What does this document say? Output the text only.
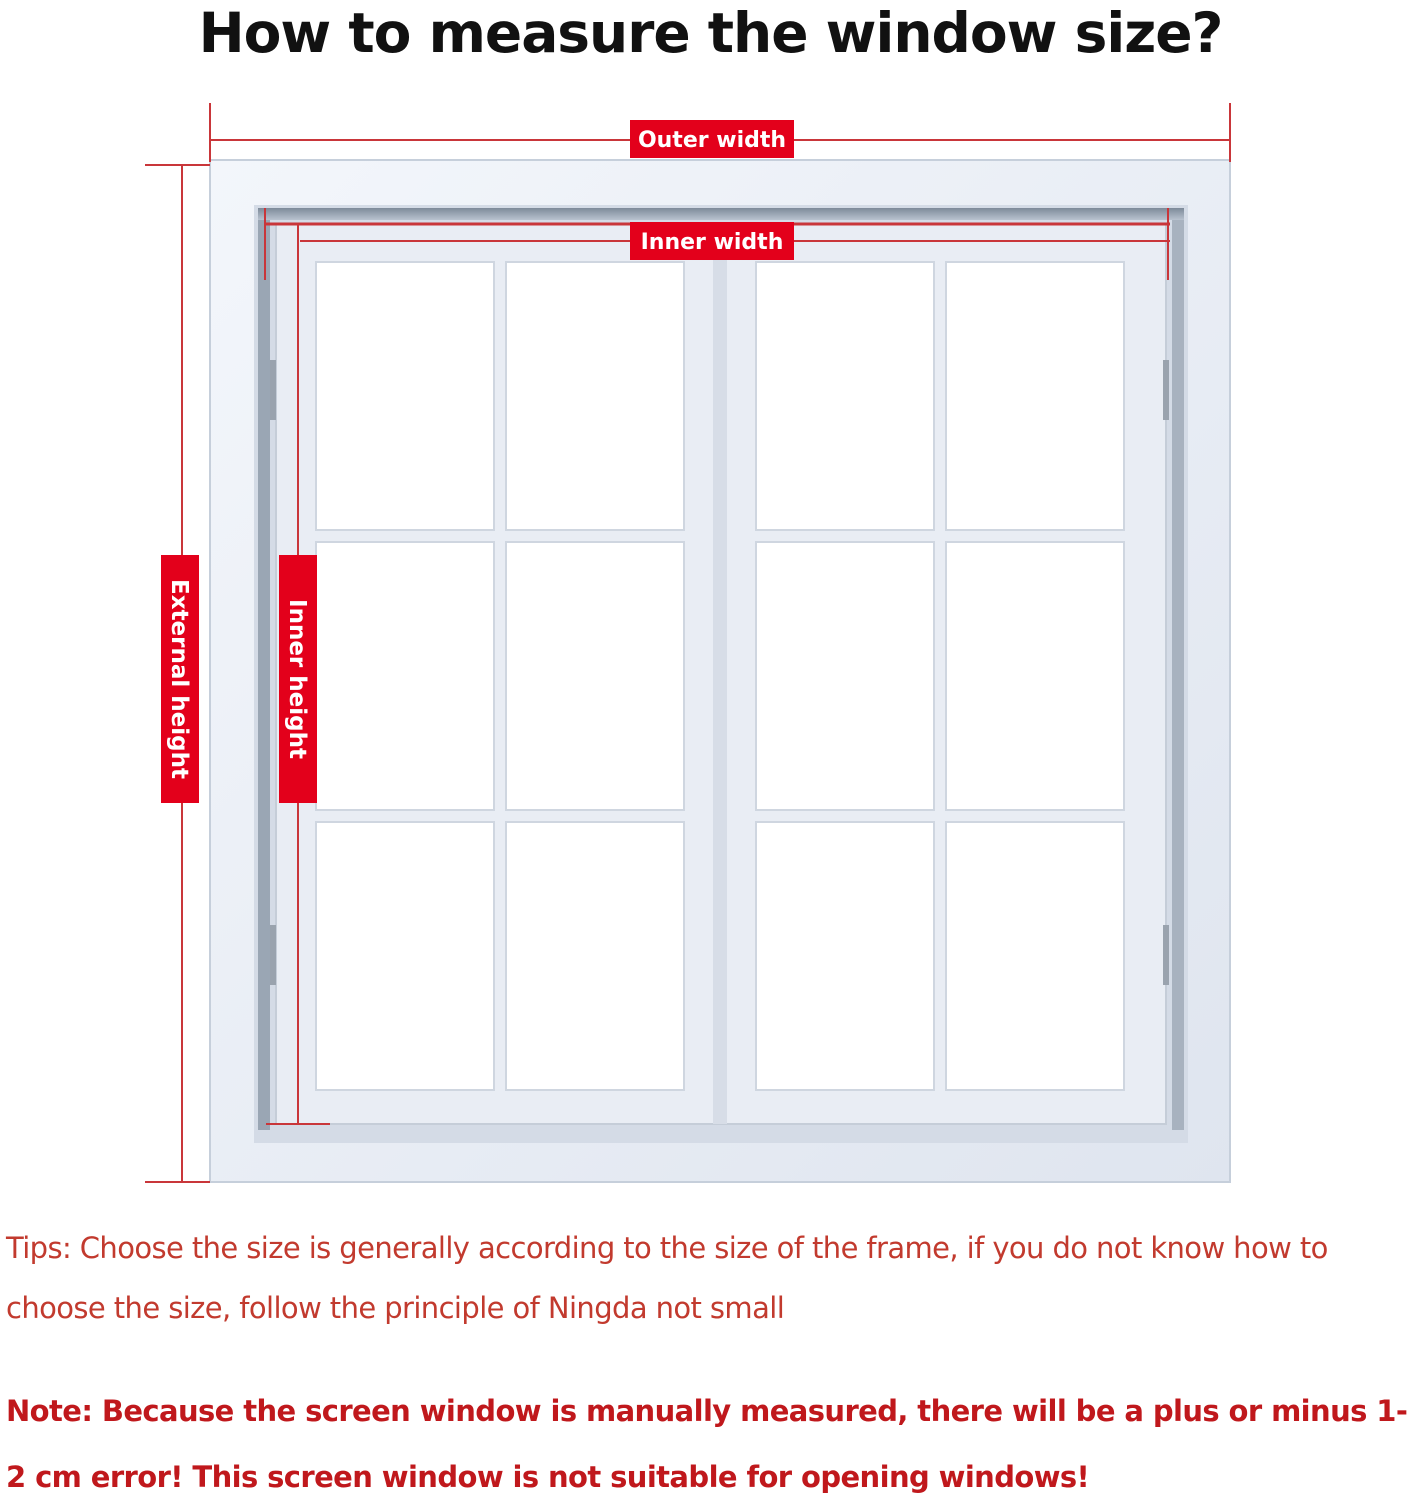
How to measure the window size?
Outer width
Inner width
External height	Inner height
Tips: Choose the size is generally according to the size of the frame, if you do not know how to choose the size, follow the principle of Ningda not small
Note: Because the screen window is manually measured, there will be a plus or minus 1-2 cm error! This screen window is not suitable for opening windows!
